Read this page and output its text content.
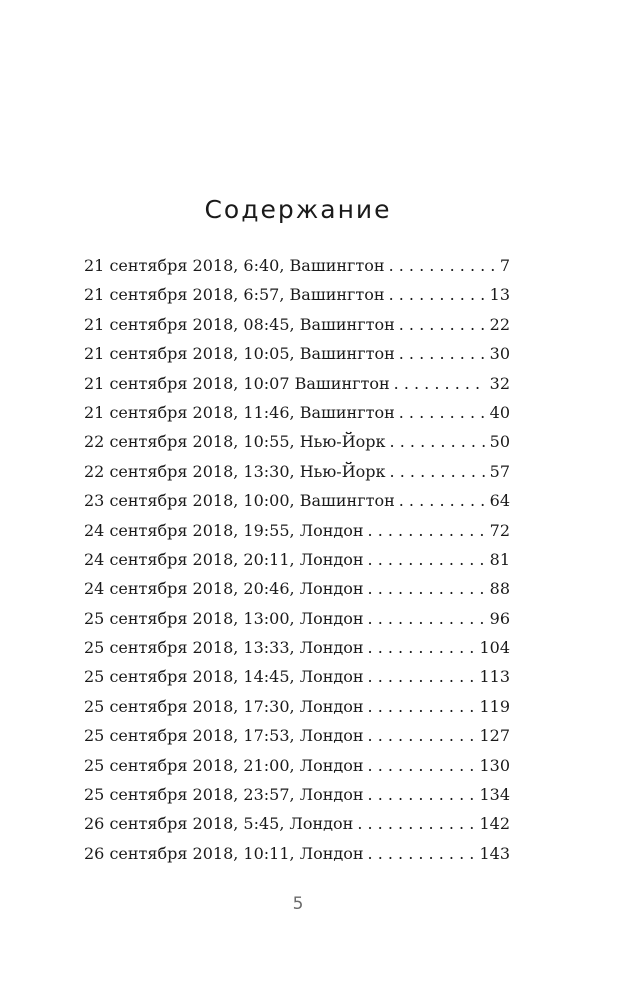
Содержание
21 сентября 2018, 6:40, Вашингтон . . .	7
21 сентября 2018, 6:57, Вашингтон . . .	13
21 сентября 2018, 08:45, Вашингтон . . .	22
21 сентября 2018, 10:05, Вашингтон . . .	30
21 сентября 2018, 10:07 Вашингтон . . .	32
21 сентября 2018, 11:46, Вашингтон . . .	40
22 сентября 2018, 10:55, Нью-Йорк . . .	50
22 сентября 2018, 13:30, Нью-Йорк . . .	57
23 сентября 2018, 10:00, Вашингтон . . .	64
24 сентября 2018, 19:55, Лондон . . .	72
24 сентября 2018, 20:11, Лондон . . .	81
24 сентября 2018, 20:46, Лондон . . .	88
25 сентября 2018, 13:00, Лондон . . .	96
25 сентября 2018, 13:33, Лондон . . .	104
25 сентября 2018, 14:45, Лондон . . .	113
25 сентября 2018, 17:30, Лондон . . .	119
25 сентября 2018, 17:53, Лондон . . .	127
25 сентября 2018, 21:00, Лондон . . .	130
25 сентября 2018, 23:57, Лондон . . .	134
26 сентября 2018, 5:45, Лондон . . .	142
26 сентября 2018, 10:11, Лондон . . .	143
5
